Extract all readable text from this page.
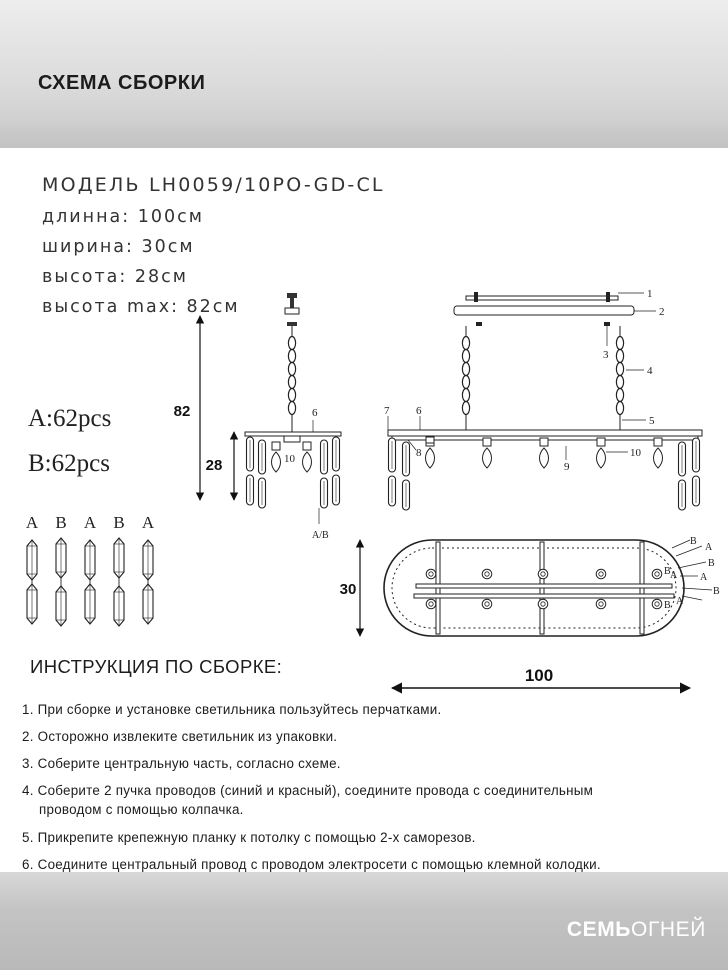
СХЕМА СБОРКИ
МОДЕЛЬ LH0059/10PO-GD-CL
длинна: 100см
ширина: 30см
высота: 28см
высота max: 82см
A:62pcs
B:62pcs
A B A B A
82
28
6
10
A/B
1
2
3
4
5
6
7
8
9
10
B
A
B
A
B
A
B A
B
30
100
ИНСТРУКЦИЯ ПО СБОРКЕ:
1. При сборке и установке светильника пользуйтесь перчатками.
2. Осторожно извлеките светильник из упаковки.
3. Соберите центральную часть, согласно схеме.
4. Соберите 2 пучка проводов (синий и красный), соедините провода с соединительным
проводом с помощью колпачка.
5. Прикрепите крепежную планку к потолку с помощью 2-х саморезов.
6. Соедините центральный провод с проводом электросети с помощью клемной колодки.
СЕМЬОГНЕЙ
